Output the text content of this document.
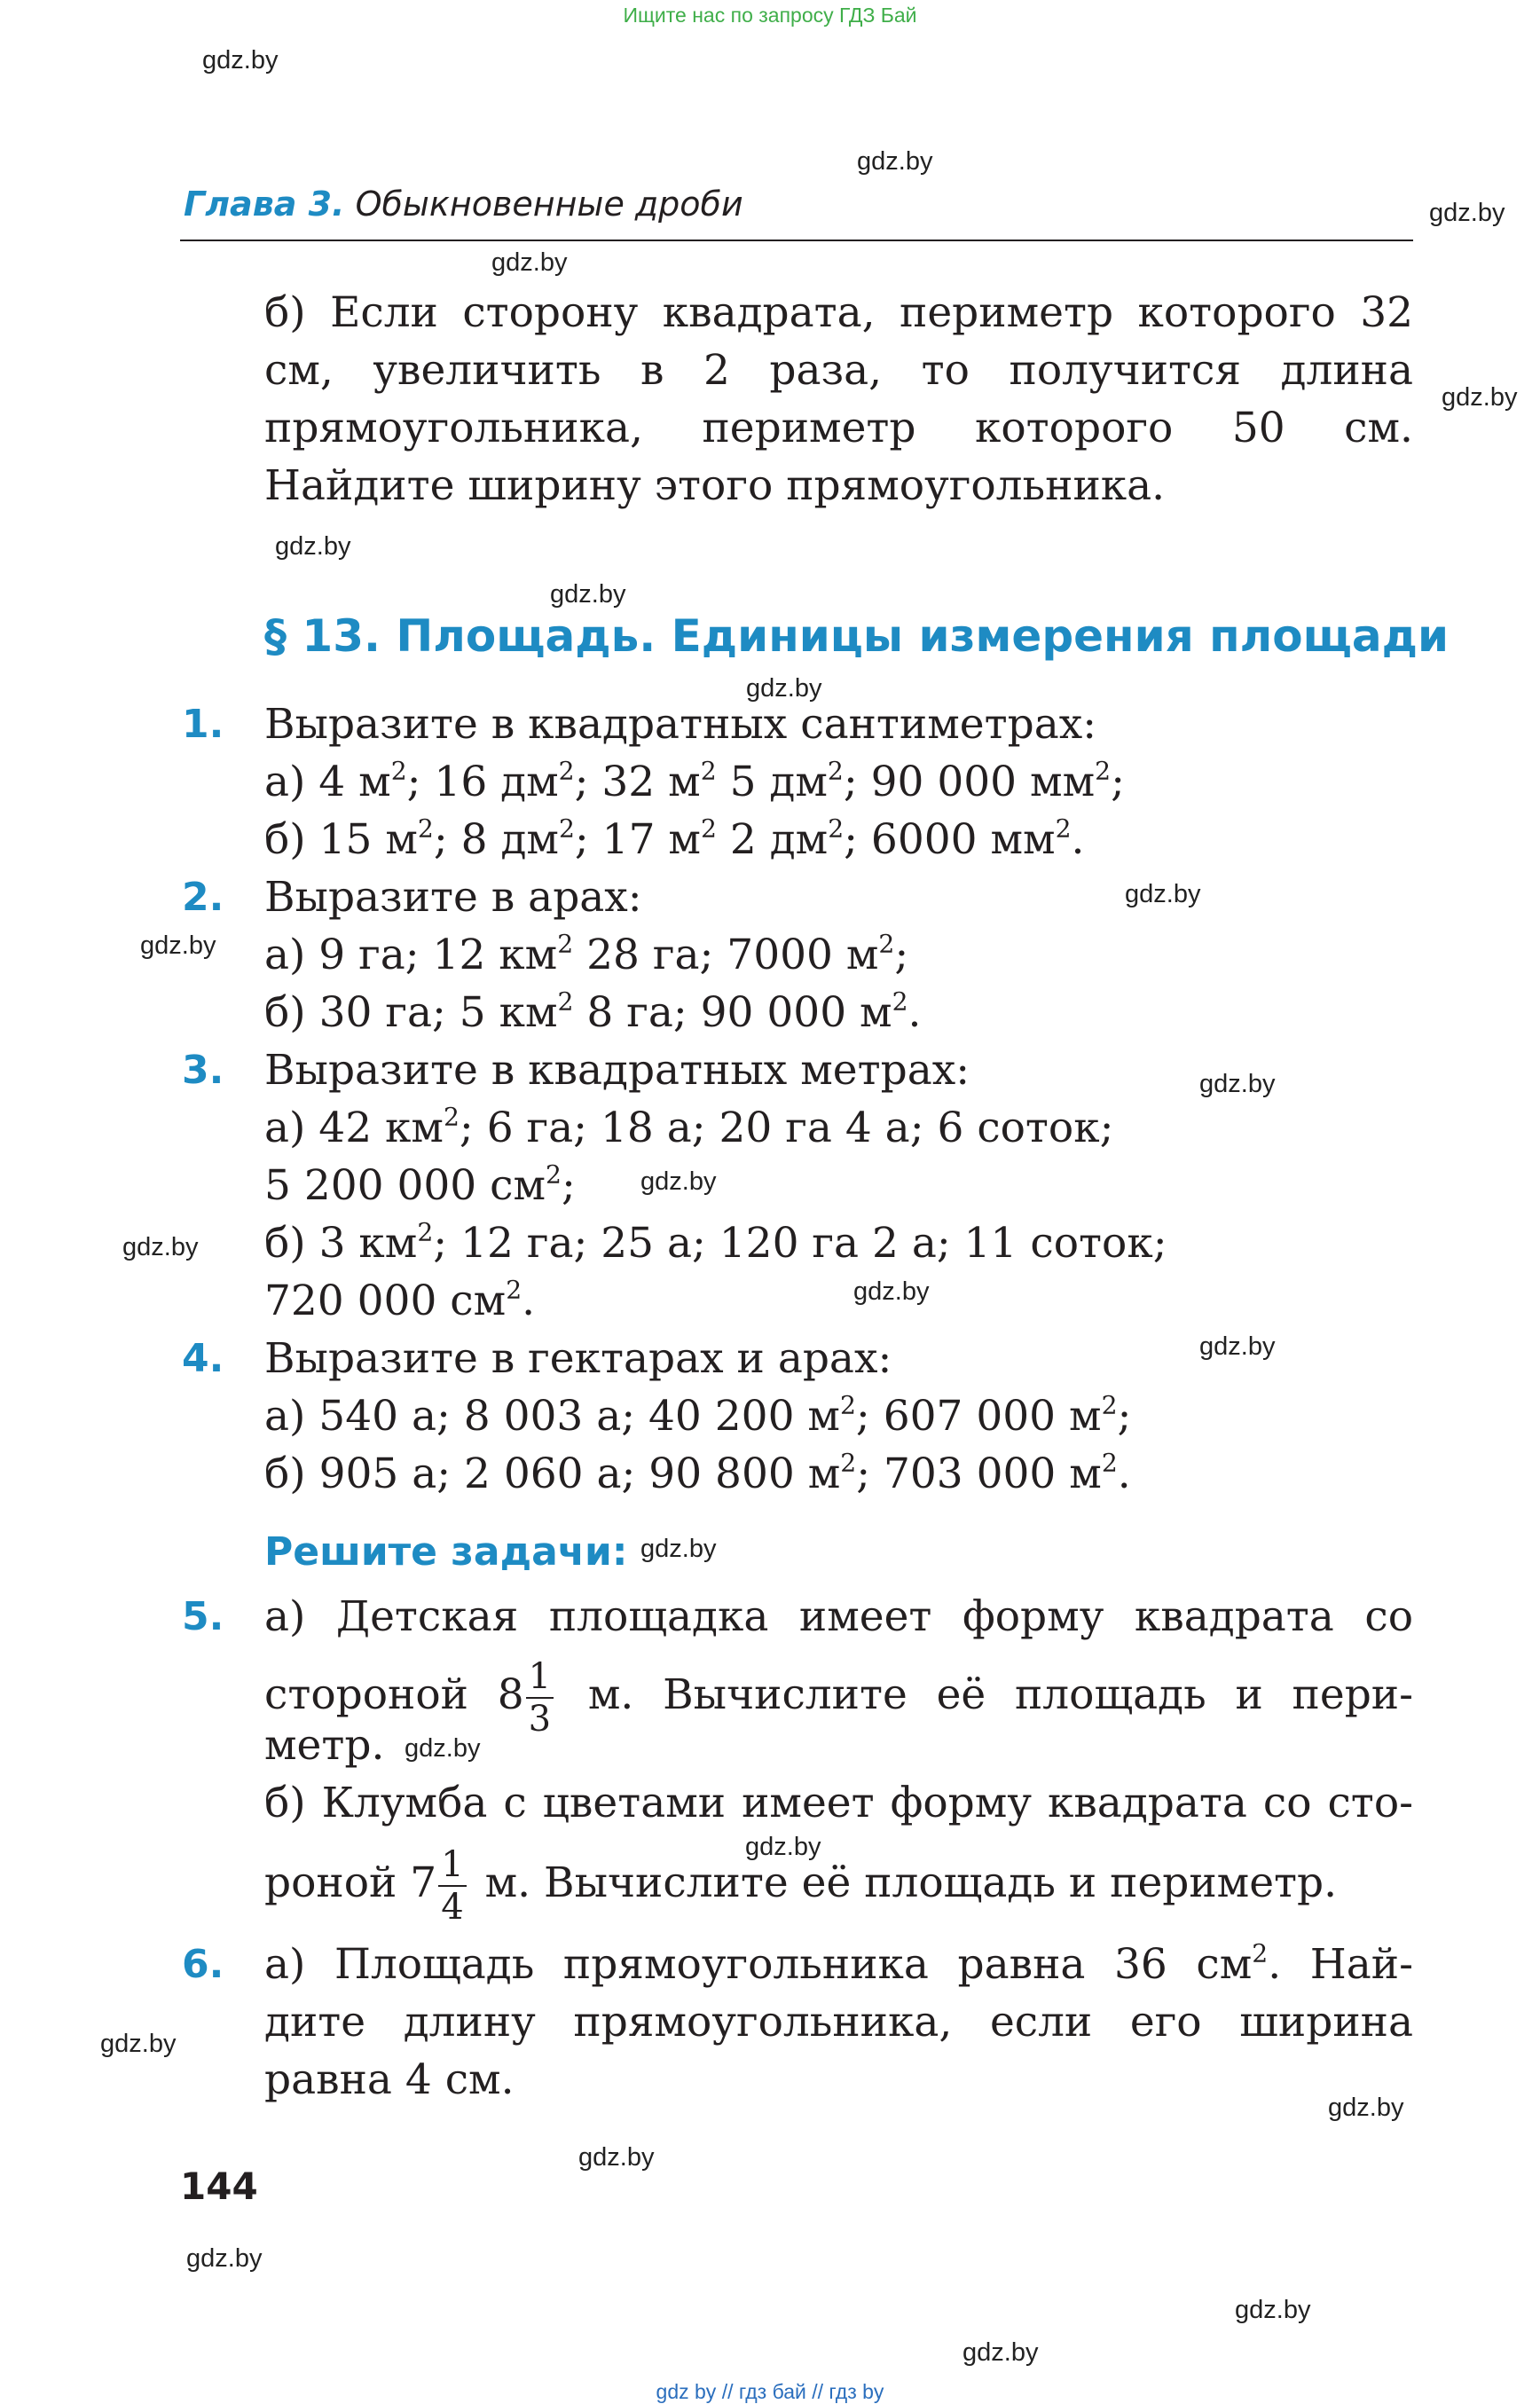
Ищите нас по запросу ГДЗ Бай
gdz.by
gdz.by
gdz.by
gdz.by
gdz.by
gdz.by
gdz.by
gdz.by
gdz.by
gdz.by
gdz.by
gdz.by
gdz.by
gdz.by
gdz.by
gdz.by
gdz.by
gdz.by
gdz.by
gdz.by
gdz.by
gdz.by
gdz.by
gdz.by
Глава 3. Обыкновенные дроби
б) Если сторону квадрата, периметр которого 32 см, увеличить в 2 раза, то получится длина прямоугольника, периметр которого 50 см. Найдите ширину этого прямоугольника.
§ 13. Площадь. Единицы измерения площади
1. Выразите в квадратных сантиметрах:
а) 4 $м^2$; 16 $дм^2$; 32 $м^2$ 5 $дм^2$; 90 000 $мм^2$;
б) 15 $м^2$; 8 $дм^2$; 17 $м^2$ 2 $дм^2$; 6000 $мм^2$.
2. Выразите в арах:
а) 9 га; 12 $км^2$ 28 га; 7000 $м^2$;
б) 30 га; 5 $км^2$ 8 га; 90 000 $м^2$.
3. Выразите в квадратных метрах:
а) 42 $км^2$; 6 га; 18 а; 20 га 4 а; 6 соток;
5 200 000 $см^2$;
б) 3 $км^2$; 12 га; 25 а; 120 га 2 а; 11 соток;
720 000 $см^2$.
4. Выразите в гектарах и арах:
а) 540 а; 8 003 а; 40 200 $м^2$; 607 000 $м^2$;
б) 905 а; 2 060 а; 90 800 $м^2$; 703 000 $м^2$.
Решите задачи:
5. а) Детская площадка имеет форму квадрата со
стороной $8 \frac{1}{3} м$. Вычислите её площадь и пери-
метр.
б) Клумба с цветами имеет форму квадрата со сто-
роной $7 \frac{1}{4} м$. Вычислите её площадь и периметр.
6. а) Площадь прямоугольника равна 36 $см^2$. Най-
дите длину прямоугольника, если его ширина
равна 4 см.
144
gdz by // гдз бай // гдз by
